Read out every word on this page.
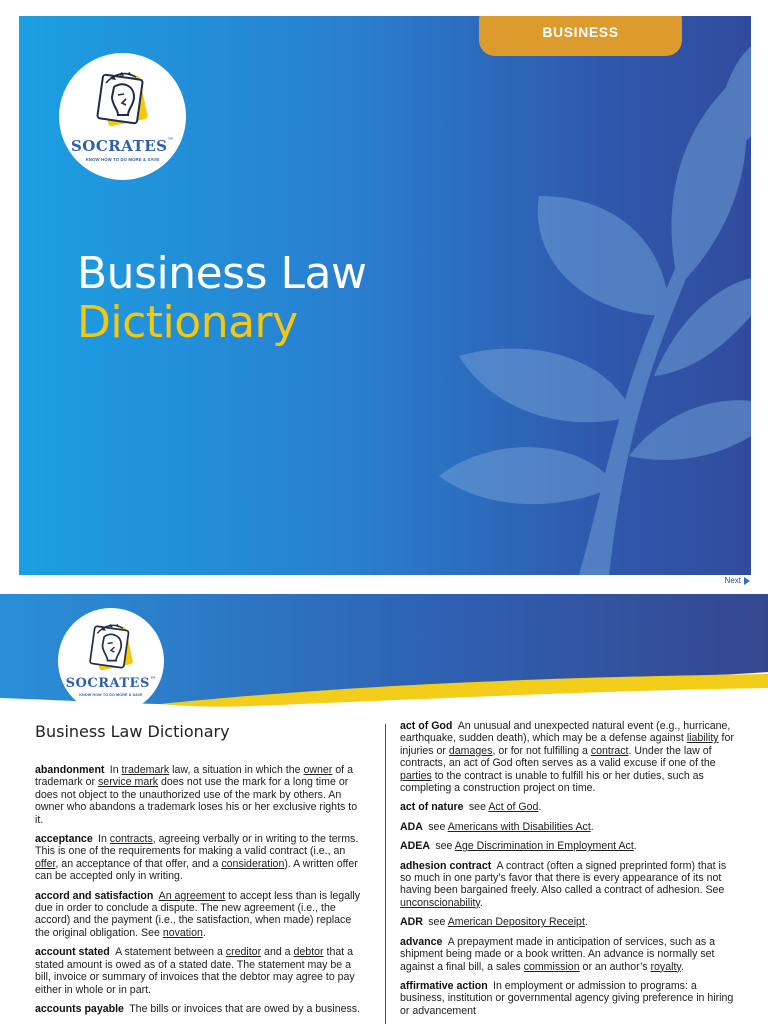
BUSINESS
SOCRATES™
KNOW HOW TO DO MORE & SAVE
Business Law
Dictionary
Next
SOCRATES™
KNOW HOW TO DO MORE & SAVE
Business Law Dictionary
abandonment  In trademark law, a situation in which the owner of a trademark or service mark does not use the mark for a long time or does not object to the unauthorized use of the mark by others. An owner who abandons a trademark loses his or her exclusive rights to it.
acceptance  In contracts, agreeing verbally or in writing to the terms. This is one of the requirements for making a valid contract (i.e., an offer, an acceptance of that offer, and a consideration). A written offer can be accepted only in writing.
accord and satisfaction  An agreement to accept less than is legally due in order to conclude a dispute. The new agreement (i.e., the accord) and the payment (i.e., the satisfaction, when made) replace the original obligation. See novation.
account stated  A statement between a creditor and a debtor that a stated amount is owed as of a stated date. The statement may be a bill, invoice or summary of invoices that the debtor may agree to pay either in whole or in part.
accounts payable  The bills or invoices that are owed by a business.
act of God  An unusual and unexpected natural event (e.g., hurricane, earthquake, sudden death), which may be a defense against liability for injuries or damages, or for not fulfilling a contract. Under the law of contracts, an act of God often serves as a valid excuse if one of the parties to the contract is unable to fulfill his or her duties, such as completing a construction project on time.
act of nature  see Act of God.
ADA  see Americans with Disabilities Act.
ADEA  see Age Discrimination in Employment Act.
adhesion contract  A contract (often a signed preprinted form) that is so much in one party’s favor that there is every appearance of its not having been bargained freely. Also called a contract of adhesion. See unconscionability.
ADR  see American Depository Receipt.
advance  A prepayment made in anticipation of services, such as a shipment being made or a book written. An advance is normally set against a final bill, a sales commission or an author’s royalty.
affirmative action  In employment or admission to programs: a business, institution or governmental agency giving preference in hiring or advancement
